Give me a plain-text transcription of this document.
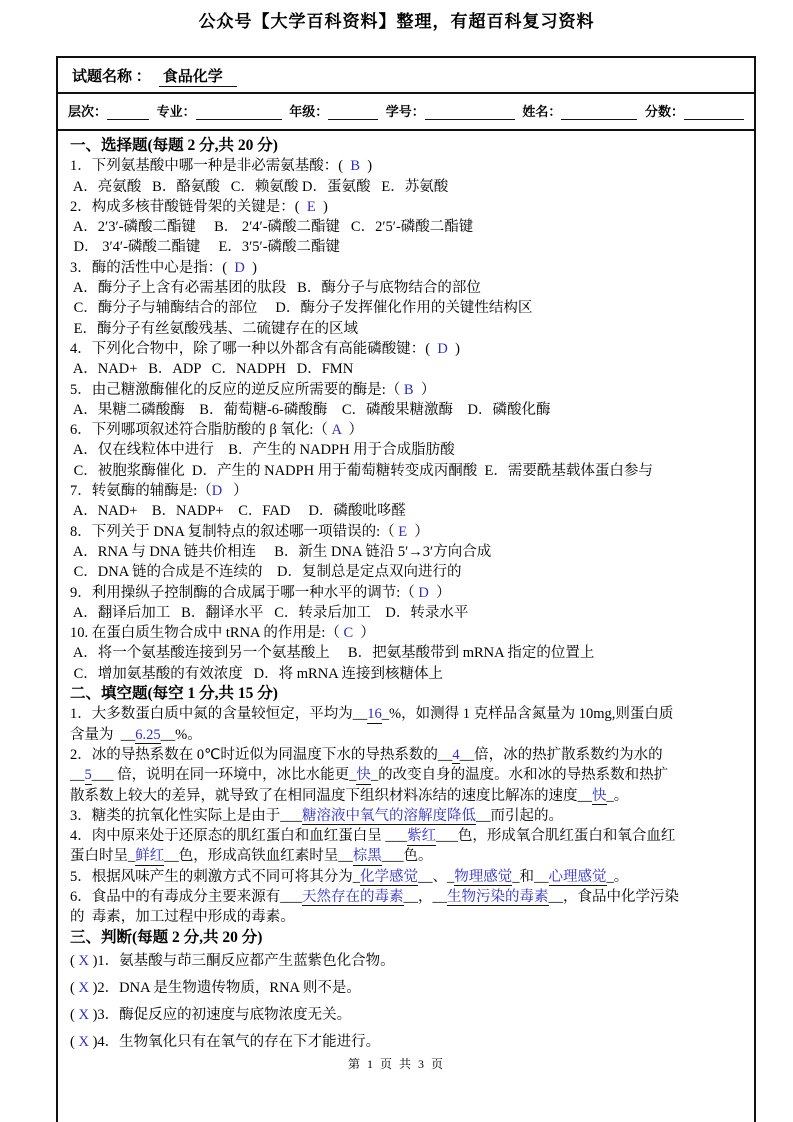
公众号【大学百科资料】整理，有超百科复习资料
试题名称 ： 食品化学
层次：	专业：	年级：	学号：	姓名：	分数：
一、选择题(每题 2 分,共 20 分)
1．下列氨基酸中哪一种是非必需氨基酸：(  B  )
A．亮氨酸   B．酪氨酸   C．赖氨酸 D．蛋氨酸   E．苏氨酸
2．构成多核苷酸链骨架的关键是：(  E  )
A．2′3′-磷酸二酯键     B． 2′4′-磷酸二酯键   C．2′5′-磷酸二酯键
D． 3′4′-磷酸二酯键     E．3′5′-磷酸二酯键
3．酶的活性中心是指：(  D  )
A．酶分子上含有必需基团的肽段   B．酶分子与底物结合的部位
C．酶分子与辅酶结合的部位     D．酶分子发挥催化作用的关键性结构区
E．酶分子有丝氨酸残基、二硫键存在的区域
4．下列化合物中，除了哪一种以外都含有高能磷酸键：(  D  )
A．NAD+   B．ADP   C．NADPH   D．FMN
5．由己糖激酶催化的反应的逆反应所需要的酶是:（ B  ）
A．果糖二磷酸酶    B．葡萄糖-6-磷酸酶    C．磷酸果糖激酶    D．磷酸化酶
6．下列哪项叙述符合脂肪酸的 β 氧化:（ A  ）
A．仅在线粒体中进行    B．产生的 NADPH 用于合成脂肪酸
C．被胞浆酶催化  D．产生的 NADPH 用于葡萄糖转变成丙酮酸  E．需要酰基载体蛋白参与
7．转氨酶的辅酶是:（D   ）
A．NAD+    B．NADP+    C．FAD     D．磷酸吡哆醛
8．下列关于 DNA 复制特点的叙述哪一项错误的:（ E  ）
A．RNA 与 DNA 链共价相连     B．新生 DNA 链沿 5′→3′方向合成
C．DNA 链的合成是不连续的    D．复制总是定点双向进行的
9．利用操纵子控制酶的合成属于哪一种水平的调节:（ D  ）
A．翻译后加工   B．翻译水平   C．转录后加工    D．转录水平
10. 在蛋白质生物合成中 tRNA 的作用是:（ C  ）
A．将一个氨基酸连接到另一个氨基酸上     B．把氨基酸带到 mRNA 指定的位置上
C．增加氨基酸的有效浓度   D．将 mRNA 连接到核糖体上
二、填空题(每空 1 分,共 15 分)
1．大多数蛋白质中氮的含量较恒定，平均为__16_%，如测得 1 克样品含氮量为 10mg,则蛋白质
含量为  __6.25__%。
2．冰的导热系数在 0℃时近似为同温度下水的导热系数的__4__倍，冰的热扩散系数约为水的
__5___ 倍，说明在同一环境中，冰比水能更_快_的改变自身的温度。水和冰的导热系数和热扩
散系数上较大的差异，就导致了在相同温度下组织材料冻结的速度比解冻的速度__快_。
3．糖类的抗氧化性实际上是由于___糖溶液中氧气的溶解度降低__而引起的。
4．肉中原来处于还原态的肌红蛋白和血红蛋白呈 ___紫红___色，形成氧合肌红蛋白和氧合血红
蛋白时呈_鲜红__色，形成高铁血红素时呈__棕黑___色。
5．根据风味产生的刺激方式不同可将其分为_化学感觉__、_物理感觉_和__心理感觉_。
6．食品中的有毒成分主要来源有___天然存在的毒素__，__生物污染的毒素__，食品中化学污染
的  毒素，加工过程中形成的毒素。
三、判断(每题 2 分,共 20 分)
( X )1．氨基酸与茚三酮反应都产生蓝紫色化合物。
( X )2．DNA 是生物遗传物质，RNA 则不是。
( X )3．酶促反应的初速度与底物浓度无关。
( X )4．生物氧化只有在氧气的存在下才能进行。
第 1 页 共 3 页
